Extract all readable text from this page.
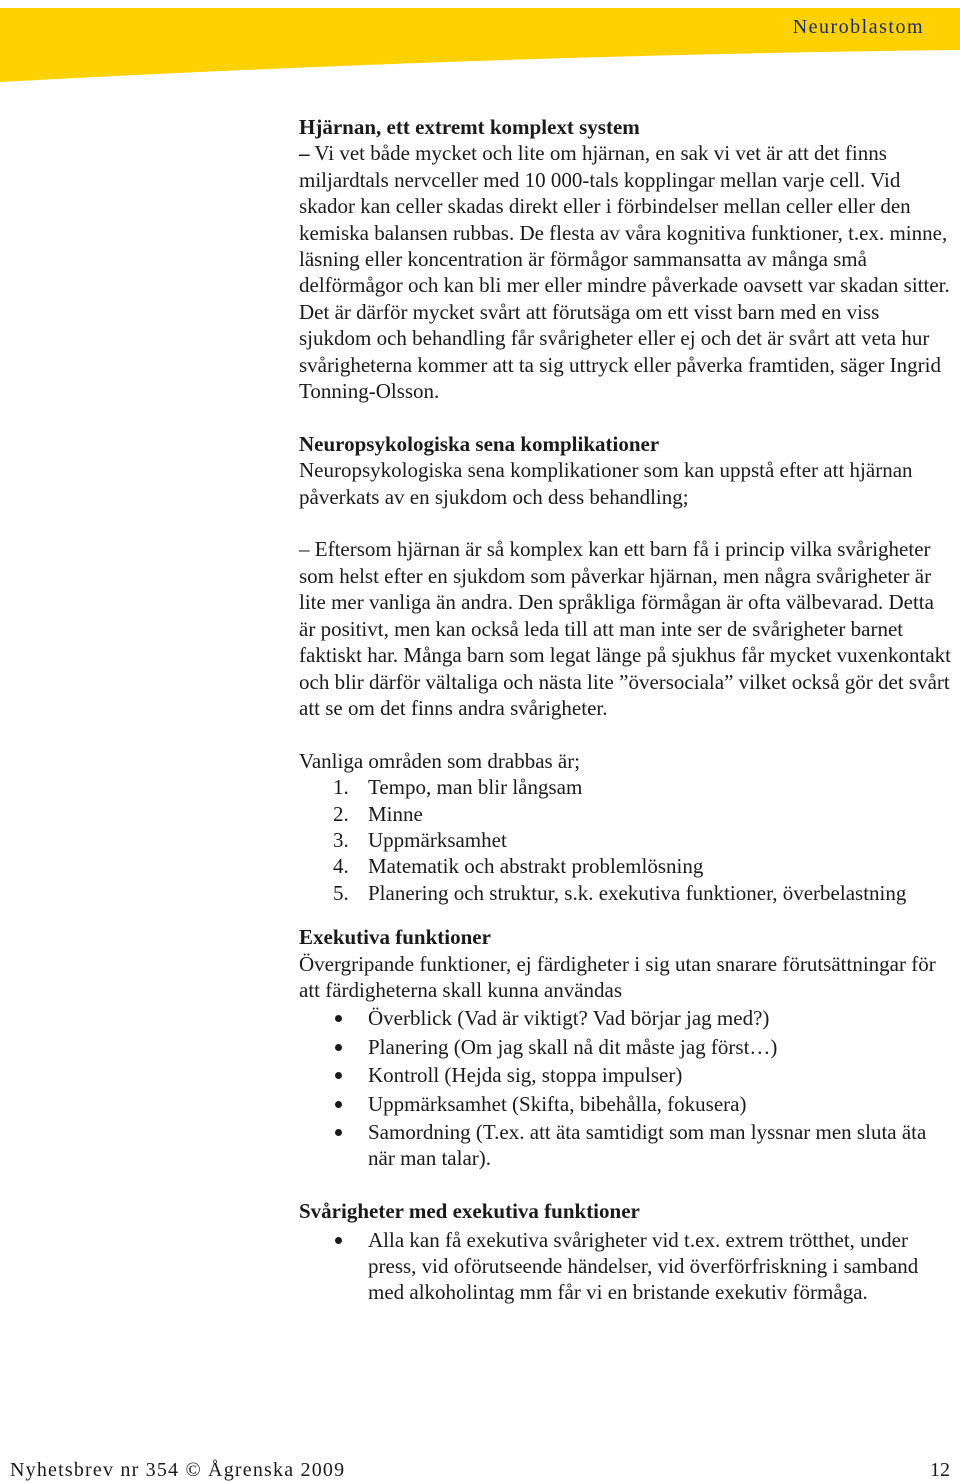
Neuroblastom
Hjärnan, ett extremt komplext system

– Vi vet både mycket och lite om hjärnan, en sak vi vet är att det finns miljardtals nervceller med 10 000-tals kopplingar mellan varje cell. Vid skador kan celler skadas direkt eller i förbindelser mellan celler eller den kemiska balansen rubbas. De flesta av våra kognitiva funktioner, t.ex. minne, läsning eller koncentration är förmågor sammansatta av många små delförmågor och kan bli mer eller mindre påverkade oavsett var skadan sitter. Det är därför mycket svårt att förutsäga om ett visst barn med en viss sjukdom och behandling får svårigheter eller ej och det är svårt att veta hur svårigheterna kommer att ta sig uttryck eller påverka framtiden, säger Ingrid Tonning-Olsson.

Neuropsykologiska sena komplikationer

Neuropsykologiska sena komplikationer som kan uppstå efter att hjärnan påverkats av en sjukdom och dess behandling;

– Eftersom hjärnan är så komplex kan ett barn få i princip vilka svårigheter som helst efter en sjukdom som påverkar hjärnan, men några svårigheter är lite mer vanliga än andra. Den språkliga förmågan är ofta välbevarad. Detta är positivt, men kan också leda till att man inte ser de svårigheter barnet faktiskt har. Många barn som legat länge på sjukhus får mycket vuxenkontakt och blir därför vältaliga och nästa lite ”översociala” vilket också gör det svårt att se om det finns andra svårigheter.

Vanliga områden som drabbas är;

1. Tempo, man blir långsam
2. Minne
3. Uppmärksamhet
4. Matematik och abstrakt problemlösning
5. Planering och struktur, s.k. exekutiva funktioner, överbelastning
Exekutiva funktioner

Övergripande funktioner, ej färdigheter i sig utan snarare förutsättningar för att färdigheterna skall kunna användas

Överblick (Vad är viktigt? Vad börjar jag med?)
Planering (Om jag skall nå dit måste jag först…)
Kontroll (Hejda sig, stoppa impulser)
Uppmärksamhet (Skifta, bibehålla, fokusera)
Samordning (T.ex. att äta samtidigt som man lyssnar men sluta äta när man talar).
Svårigheter med exekutiva funktioner
Alla kan få exekutiva svårigheter vid t.ex. extrem trötthet, under press, vid oförutseende händelser, vid överförfriskning i samband med alkoholintag mm får vi en bristande exekutiv förmåga.
Nyhetsbrev nr 354 © Ågrenska 2009	12
